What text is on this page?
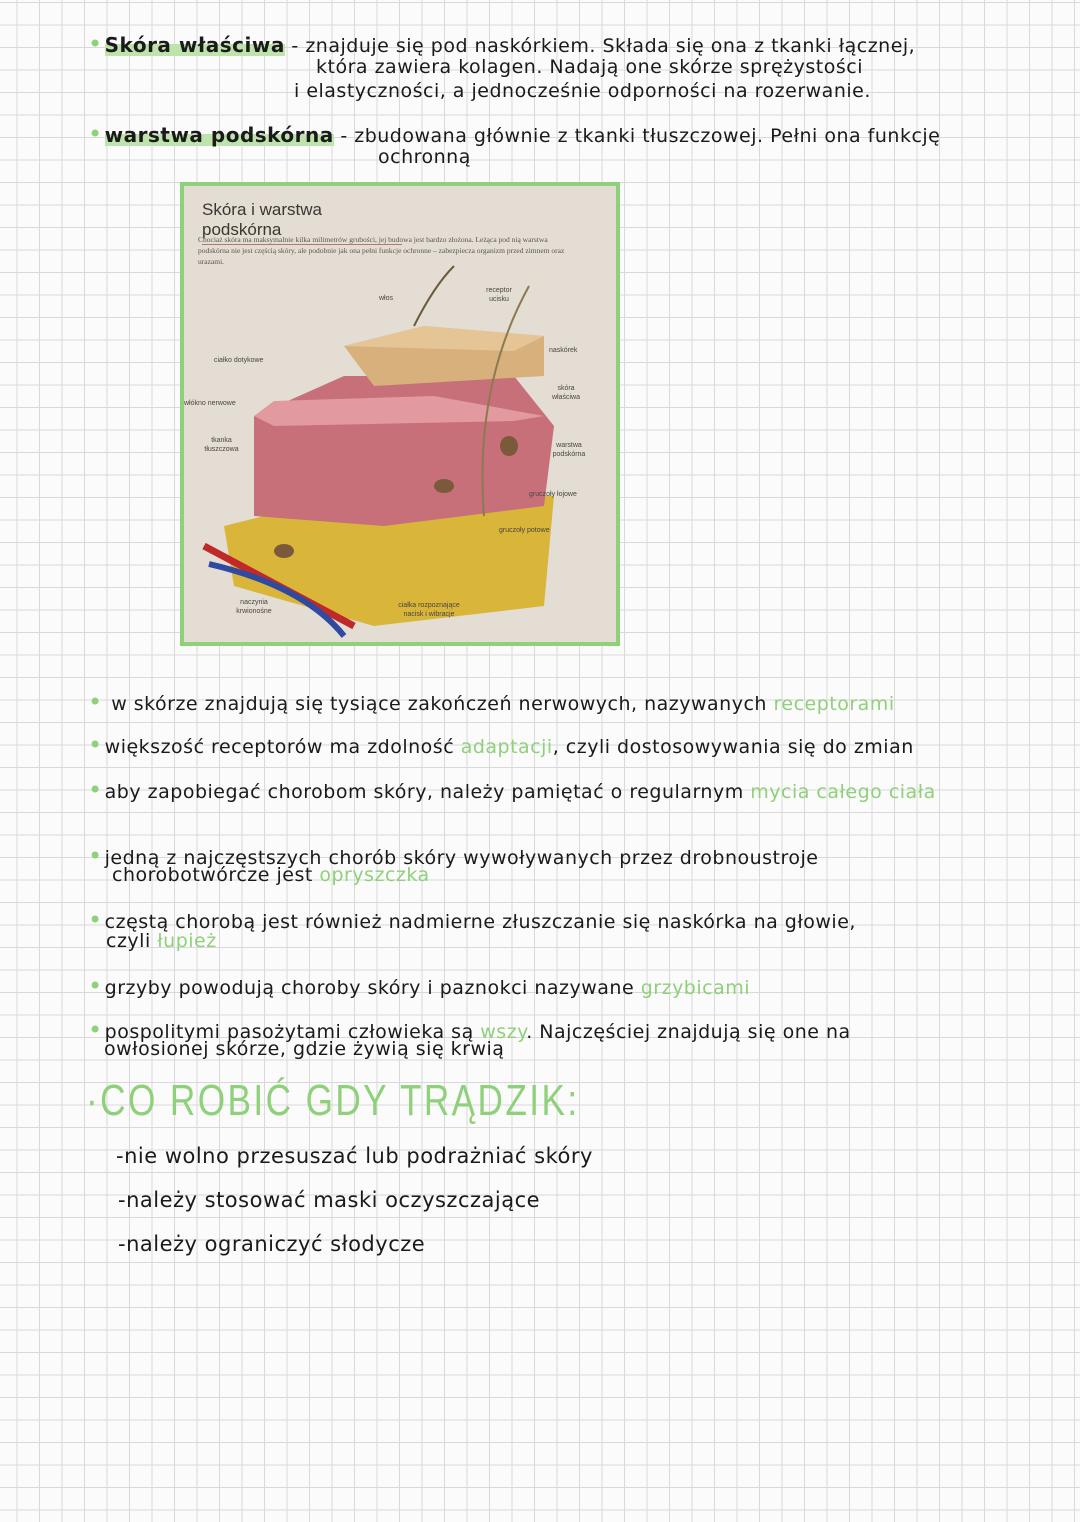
• Skóra właściwa - znajduje się pod naskórkiem. Składa się ona z tkanki łącznej,
która zawiera kolagen. Nadają one skórze sprężystości
i elastyczności, a jednocześnie odporności na rozerwanie.
• warstwa podskórna - zbudowana głównie z tkanki tłuszczowej. Pełni ona funkcję
ochronną
Skóra i warstwa podskórna
Chociaż skóra ma maksymalnie kilka milimetrów grubości, jej budowa jest bardzo złożona. Leżąca pod nią warstwa podskórna nie jest częścią skóry, ale podobnie jak ona pełni funkcje ochronne – zabezpiecza organizm przed zimnem oraz urazami.
włos
receptor ucisku
naskórek
skóra właściwa
warstwa podskórna
gruczoły łojowe
gruczoły potowe
ciałka rozpoznające nacisk i wibracje
naczynia krwionośne
tkanka tłuszczowa
włókno nerwowe
ciałko dotykowe
• w skórze znajdują się tysiące zakończeń nerwowych, nazywanych receptorami
• większość receptorów ma zdolność adaptacji, czyli dostosowywania się do zmian
• aby zapobiegać chorobom skóry, należy pamiętać o regularnym mycia całego ciała
• jedną z najczęstszych chorób skóry wywoływanych przez drobnoustroje
chorobotwórcze jest opryszczka
• częstą chorobą jest również nadmierne złuszczanie się naskórka na głowie,
czyli łupież
• grzyby powodują choroby skóry i paznokci nazywane grzybicami
• pospolitymi pasożytami człowieka są wszy. Najczęściej znajdują się one na
owłosionej skórze, gdzie żywią się krwią
·CO ROBIĆ GDY TRĄDZIK:
-nie wolno przesuszać lub podrażniać skóry
-należy stosować maski oczyszczające
-należy ograniczyć słodycze
